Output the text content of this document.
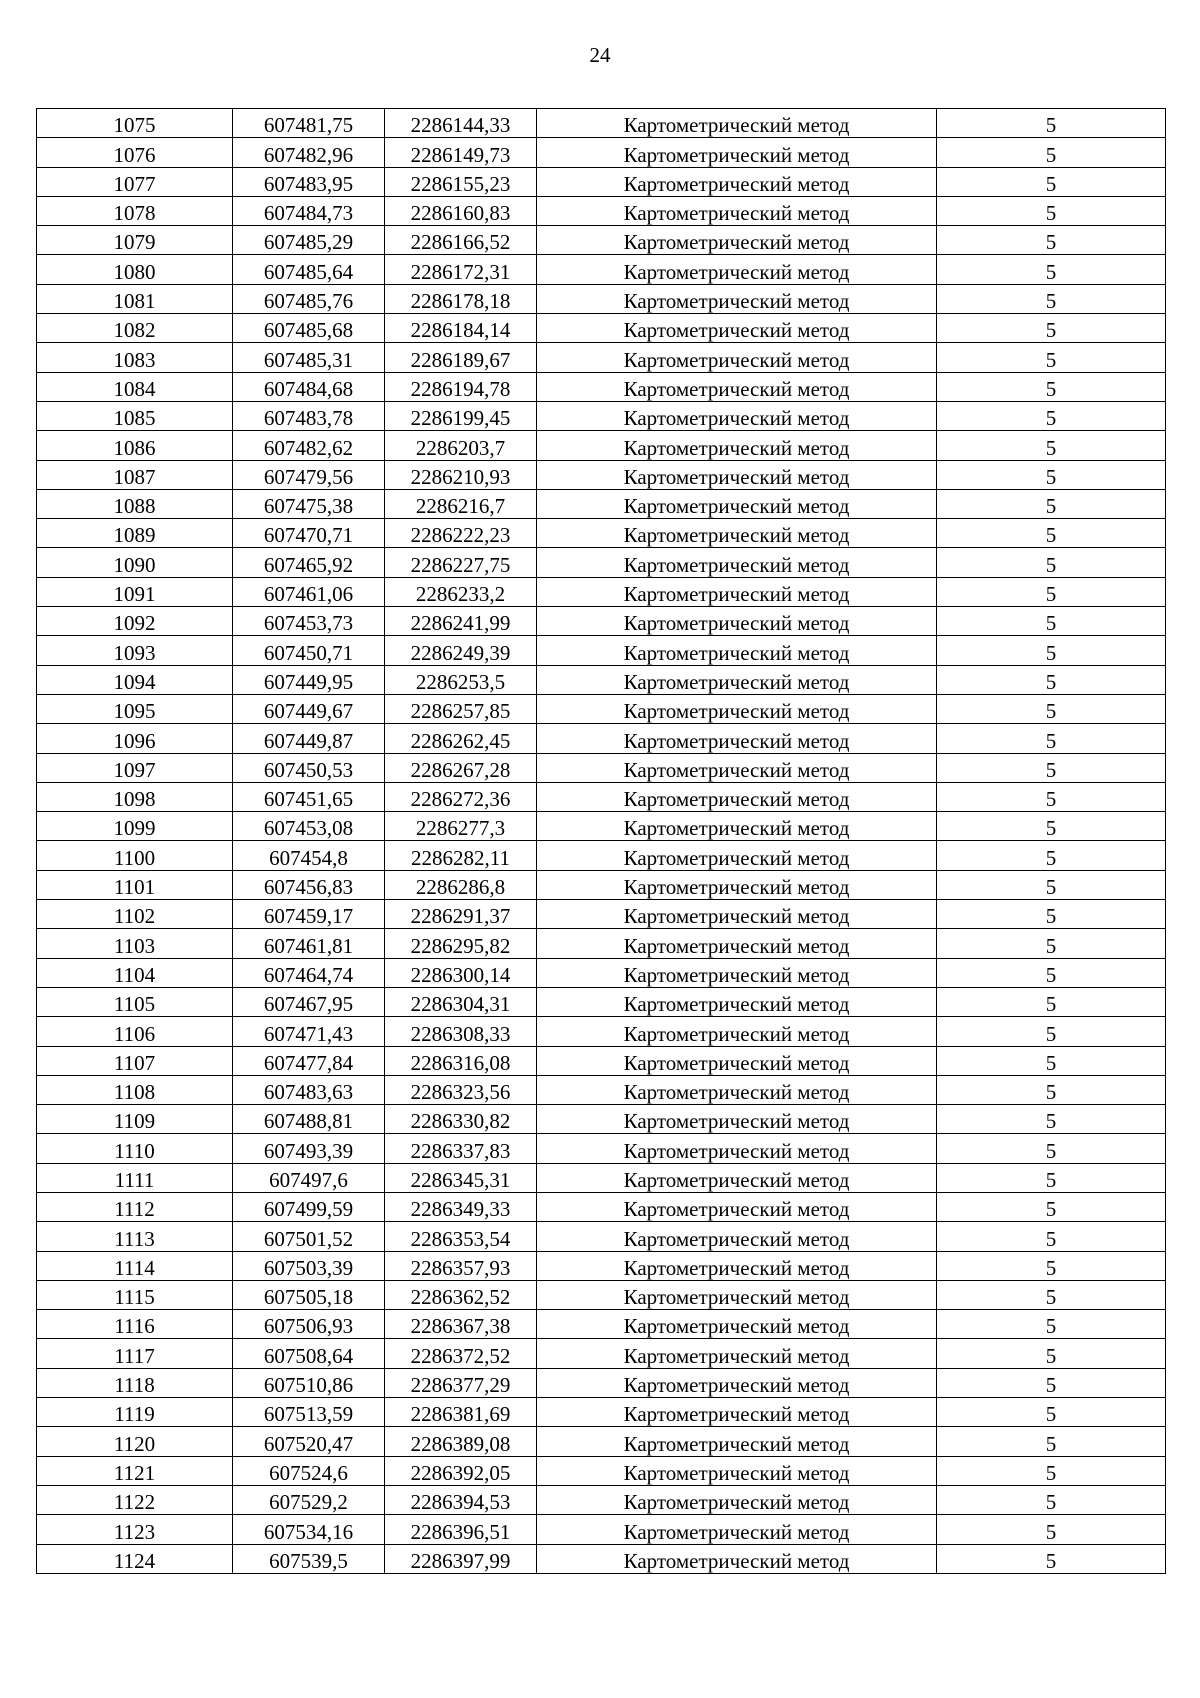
24
1075	607481,75	2286144,33	Картометрический метод	5
1076	607482,96	2286149,73	Картометрический метод	5
1077	607483,95	2286155,23	Картометрический метод	5
1078	607484,73	2286160,83	Картометрический метод	5
1079	607485,29	2286166,52	Картометрический метод	5
1080	607485,64	2286172,31	Картометрический метод	5
1081	607485,76	2286178,18	Картометрический метод	5
1082	607485,68	2286184,14	Картометрический метод	5
1083	607485,31	2286189,67	Картометрический метод	5
1084	607484,68	2286194,78	Картометрический метод	5
1085	607483,78	2286199,45	Картометрический метод	5
1086	607482,62	2286203,7	Картометрический метод	5
1087	607479,56	2286210,93	Картометрический метод	5
1088	607475,38	2286216,7	Картометрический метод	5
1089	607470,71	2286222,23	Картометрический метод	5
1090	607465,92	2286227,75	Картометрический метод	5
1091	607461,06	2286233,2	Картометрический метод	5
1092	607453,73	2286241,99	Картометрический метод	5
1093	607450,71	2286249,39	Картометрический метод	5
1094	607449,95	2286253,5	Картометрический метод	5
1095	607449,67	2286257,85	Картометрический метод	5
1096	607449,87	2286262,45	Картометрический метод	5
1097	607450,53	2286267,28	Картометрический метод	5
1098	607451,65	2286272,36	Картометрический метод	5
1099	607453,08	2286277,3	Картометрический метод	5
1100	607454,8	2286282,11	Картометрический метод	5
1101	607456,83	2286286,8	Картометрический метод	5
1102	607459,17	2286291,37	Картометрический метод	5
1103	607461,81	2286295,82	Картометрический метод	5
1104	607464,74	2286300,14	Картометрический метод	5
1105	607467,95	2286304,31	Картометрический метод	5
1106	607471,43	2286308,33	Картометрический метод	5
1107	607477,84	2286316,08	Картометрический метод	5
1108	607483,63	2286323,56	Картометрический метод	5
1109	607488,81	2286330,82	Картометрический метод	5
1110	607493,39	2286337,83	Картометрический метод	5
1111	607497,6	2286345,31	Картометрический метод	5
1112	607499,59	2286349,33	Картометрический метод	5
1113	607501,52	2286353,54	Картометрический метод	5
1114	607503,39	2286357,93	Картометрический метод	5
1115	607505,18	2286362,52	Картометрический метод	5
1116	607506,93	2286367,38	Картометрический метод	5
1117	607508,64	2286372,52	Картометрический метод	5
1118	607510,86	2286377,29	Картометрический метод	5
1119	607513,59	2286381,69	Картометрический метод	5
1120	607520,47	2286389,08	Картометрический метод	5
1121	607524,6	2286392,05	Картометрический метод	5
1122	607529,2	2286394,53	Картометрический метод	5
1123	607534,16	2286396,51	Картометрический метод	5
1124	607539,5	2286397,99	Картометрический метод	5
